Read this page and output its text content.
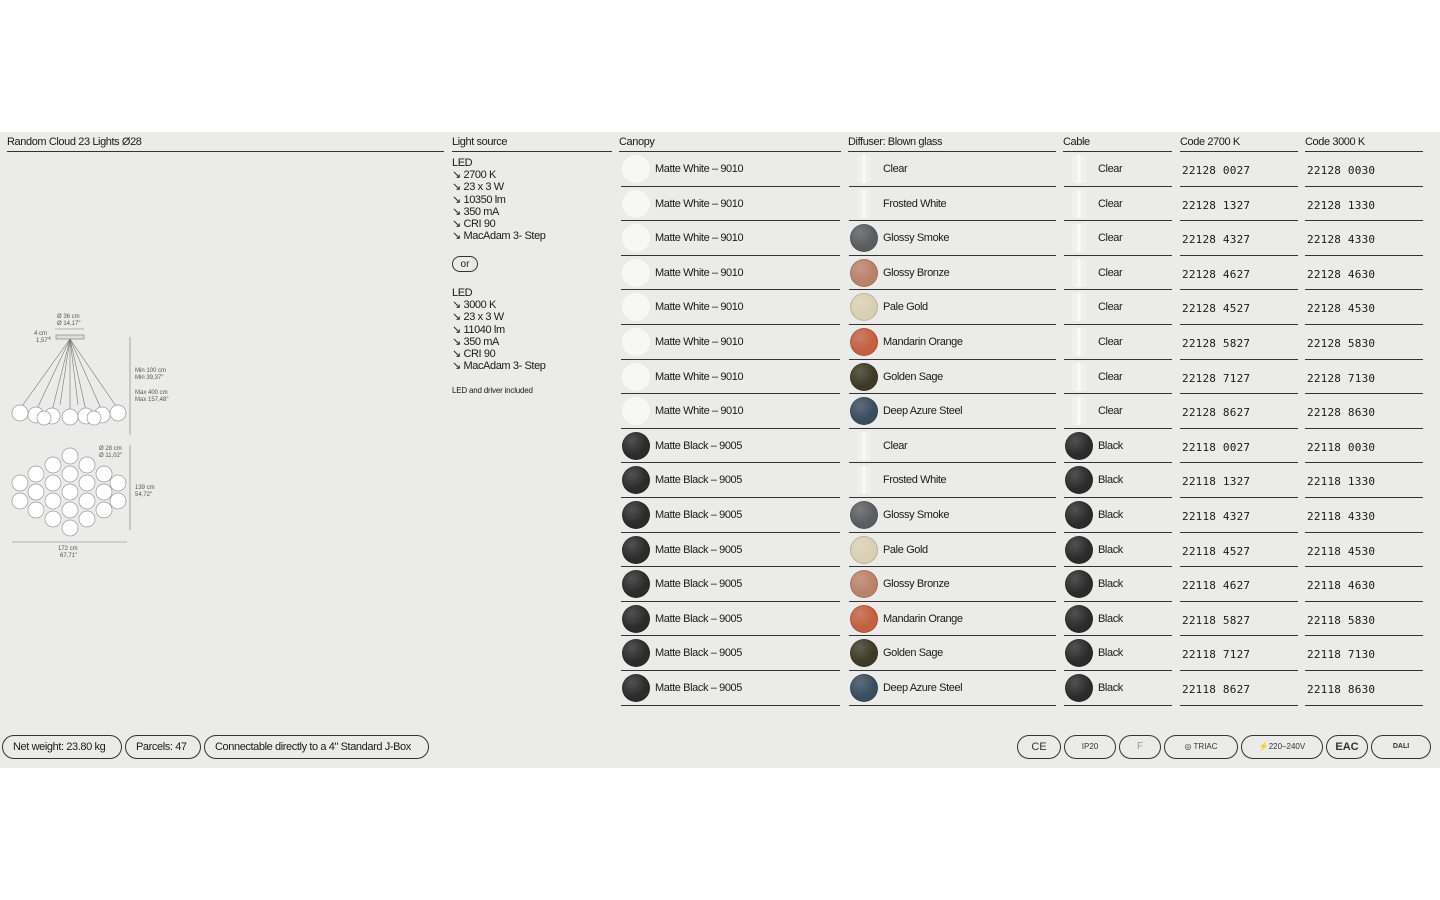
Random Cloud 23 Lights Ø28	Light source	Canopy	Diffuser: Blown glass	Cable	Code 2700 K	Code 3000 K
LED
↘ 2700 K
↘ 23 x 3 W
↘ 10350 lm
↘ 350 mA
↘ CRI 90
↘ MacAdam 3- Step
or
LED
↘ 3000 K
↘ 23 x 3 W
↘ 11040 lm
↘ 350 mA
↘ CRI 90
↘ MacAdam 3- Step
LED and driver included
Ø 36 cm
Ø 14,17"
4 cm
1,57"
Min 100 cm
Min 39,37"
Max 400 cm
Max 157,48"
Ø 28 cm
Ø 11,02"
139 cm
54,72"
172 cm
67,71"
Matte White – 9010	Clear	Clear	22128 0027	22128 0030
Matte White – 9010	Frosted White	Clear	22128 1327	22128 1330
Matte White – 9010	Glossy Smoke	Clear	22128 4327	22128 4330
Matte White – 9010	Glossy Bronze	Clear	22128 4627	22128 4630
Matte White – 9010	Pale Gold	Clear	22128 4527	22128 4530
Matte White – 9010	Mandarin Orange	Clear	22128 5827	22128 5830
Matte White – 9010	Golden Sage	Clear	22128 7127	22128 7130
Matte White – 9010	Deep Azure Steel	Clear	22128 8627	22128 8630
Matte Black – 9005	Clear	Black	22118 0027	22118 0030
Matte Black – 9005	Frosted White	Black	22118 1327	22118 1330
Matte Black – 9005	Glossy Smoke	Black	22118 4327	22118 4330
Matte Black – 9005	Pale Gold	Black	22118 4527	22118 4530
Matte Black – 9005	Glossy Bronze	Black	22118 4627	22118 4630
Matte Black – 9005	Mandarin Orange	Black	22118 5827	22118 5830
Matte Black – 9005	Golden Sage	Black	22118 7127	22118 7130
Matte Black – 9005	Deep Azure Steel	Black	22118 8627	22118 8630
Net weight: 23.80 kg	Parcels: 47	Connectable directly to a 4" Standard J-Box	CE	IP20	F	◎ TRIAC	⚡220–240V	EAC	DALI
